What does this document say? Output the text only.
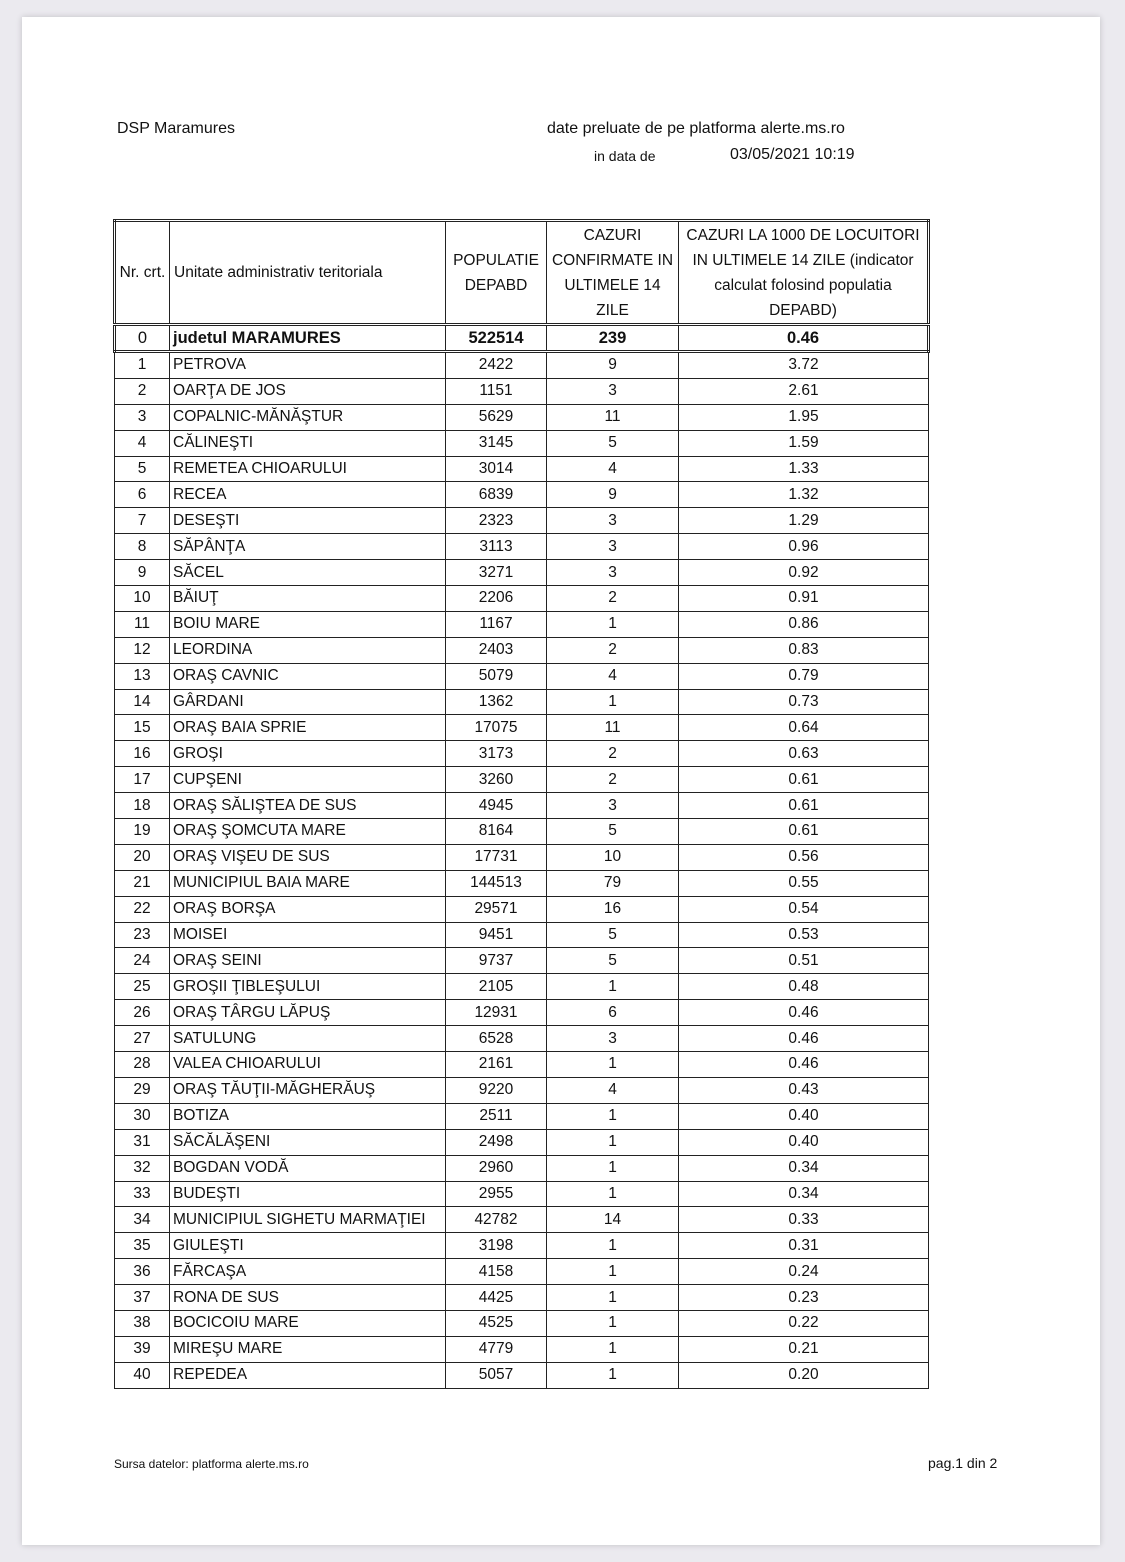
DSP Maramures	date preluate de pe platforma alerte.ms.ro
in data de	03/05/2021 10:19
Nr. crt.	Unitate administrativ teritoriala	POPULATIE DEPABD	CAZURI CONFIRMATE IN ULTIMELE 14 ZILE	CAZURI LA 1000 DE LOCUITORI IN ULTIMELE 14 ZILE (indicator calculat folosind populatia DEPABD)
0	judetul MARAMURES	522514	239	0.46
1	PETROVA	2422	9	3.72
2	OARŢA DE JOS	1151	3	2.61
3	COPALNIC-MĂNĂŞTUR	5629	11	1.95
4	CĂLINEŞTI	3145	5	1.59
5	REMETEA CHIOARULUI	3014	4	1.33
6	RECEA	6839	9	1.32
7	DESEŞTI	2323	3	1.29
8	SĂPÂNŢA	3113	3	0.96
9	SĂCEL	3271	3	0.92
10	BĂIUŢ	2206	2	0.91
11	BOIU MARE	1167	1	0.86
12	LEORDINA	2403	2	0.83
13	ORAŞ CAVNIC	5079	4	0.79
14	GÂRDANI	1362	1	0.73
15	ORAŞ BAIA SPRIE	17075	11	0.64
16	GROŞI	3173	2	0.63
17	CUPŞENI	3260	2	0.61
18	ORAŞ SĂLIŞTEA DE SUS	4945	3	0.61
19	ORAŞ ŞOMCUTA MARE	8164	5	0.61
20	ORAŞ VIŞEU DE SUS	17731	10	0.56
21	MUNICIPIUL BAIA MARE	144513	79	0.55
22	ORAŞ BORŞA	29571	16	0.54
23	MOISEI	9451	5	0.53
24	ORAŞ SEINI	9737	5	0.51
25	GROŞII ŢIBLEŞULUI	2105	1	0.48
26	ORAŞ TÂRGU LĂPUŞ	12931	6	0.46
27	SATULUNG	6528	3	0.46
28	VALEA CHIOARULUI	2161	1	0.46
29	ORAŞ TĂUŢII-MĂGHERĂUŞ	9220	4	0.43
30	BOTIZA	2511	1	0.40
31	SĂCĂLĂŞENI	2498	1	0.40
32	BOGDAN VODĂ	2960	1	0.34
33	BUDEŞTI	2955	1	0.34
34	MUNICIPIUL SIGHETU MARMAŢIEI	42782	14	0.33
35	GIULEŞTI	3198	1	0.31
36	FĂRCAŞA	4158	1	0.24
37	RONA DE SUS	4425	1	0.23
38	BOCICOIU MARE	4525	1	0.22
39	MIREŞU MARE	4779	1	0.21
40	REPEDEA	5057	1	0.20
Sursa datelor: platforma alerte.ms.ro	pag.1 din 2
